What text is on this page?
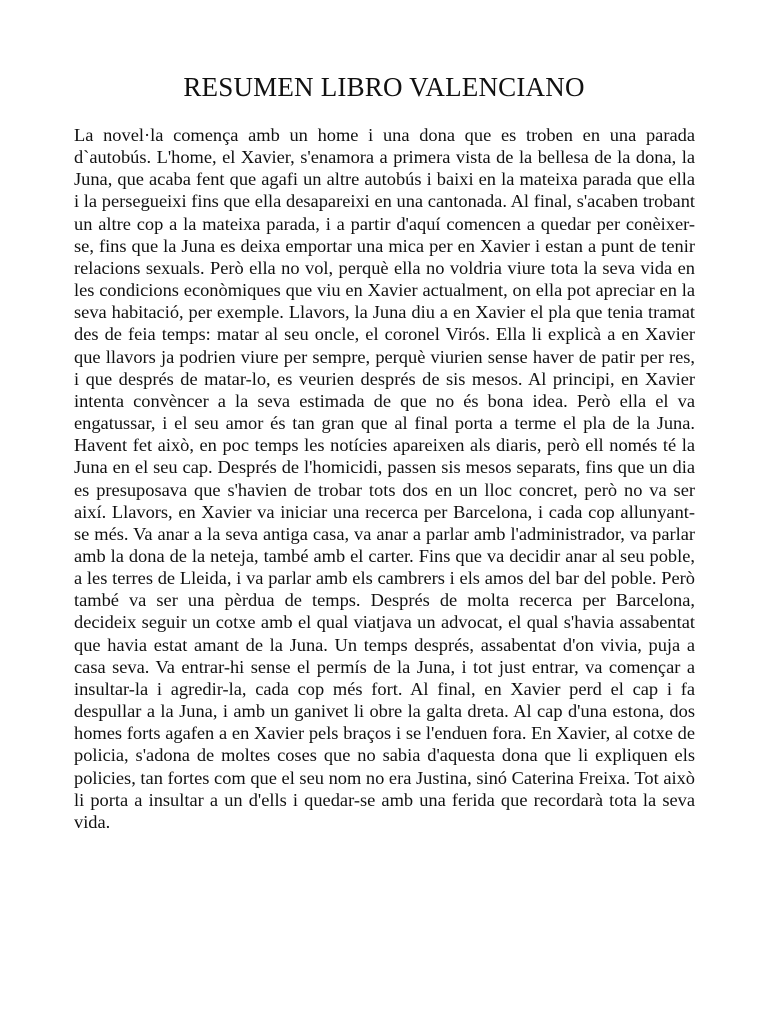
RESUMEN LIBRO VALENCIANO

La novel·la comença amb un home i una dona que es troben en una parada d`autobús. L'home, el Xavier, s'enamora a primera vista de la bellesa de la dona, la Juna, que acaba fent que agafi un altre autobús i baixi en la mateixa parada que ella i la persegueixi fins que ella desapareixi en una cantonada. Al final, s'acaben trobant un altre cop a la mateixa parada, i a partir d'aquí comencen a quedar per conèixer-se, fins que la Juna es deixa emportar una mica per en Xavier i estan a punt de tenir relacions sexuals. Però ella no vol, perquè ella no voldria viure tota la seva vida en les condicions econòmiques que viu en Xavier actualment, on ella pot apreciar en la seva habitació, per exemple. Llavors, la Juna diu a en Xavier el pla que tenia tramat des de feia temps: matar al seu oncle, el coronel Virós. Ella li explicà a en Xavier que llavors ja podrien viure per sempre, perquè viurien sense haver de patir per res, i que després de matar-lo, es veurien després de sis mesos. Al principi, en Xavier intenta convèncer a la seva estimada de que no és bona idea. Però ella el va engatussar, i el seu amor és tan gran que al final porta a terme el pla de la Juna. Havent fet això, en poc temps les notícies apareixen als diaris, però ell només té la Juna en el seu cap. Després de l'homicidi, passen sis mesos separats, fins que un dia es presuposava que s'havien de trobar tots dos en un lloc concret, però no va ser així. Llavors, en Xavier va iniciar una recerca per Barcelona, i cada cop allunyant-se més. Va anar a la seva antiga casa, va anar a parlar amb l'administrador, va parlar amb la dona de la neteja, també amb el carter. Fins que va decidir anar al seu poble, a les terres de Lleida, i va parlar amb els cambrers i els amos del bar del poble. Però també va ser una pèrdua de temps. Després de molta recerca per Barcelona, decideix seguir un cotxe amb el qual viatjava un advocat, el qual s'havia assabentat que havia estat amant de la Juna. Un temps després, assabentat d'on vivia, puja a casa seva. Va entrar-hi sense el permís de la Juna, i tot just entrar, va començar a insultar-la i agredir-la, cada cop més fort. Al final, en Xavier perd el cap i fa despullar a la Juna, i amb un ganivet li obre la galta dreta. Al cap d'una estona, dos homes forts agafen a en Xavier pels braços i se l'enduen fora. En Xavier, al cotxe de policia, s'adona de moltes coses que no sabia d'aquesta dona que li expliquen els policies, tan fortes com que el seu nom no era Justina, sinó Caterina Freixa. Tot això li porta a insultar a un d'ells i quedar-se amb una ferida que recordarà tota la seva vida.
